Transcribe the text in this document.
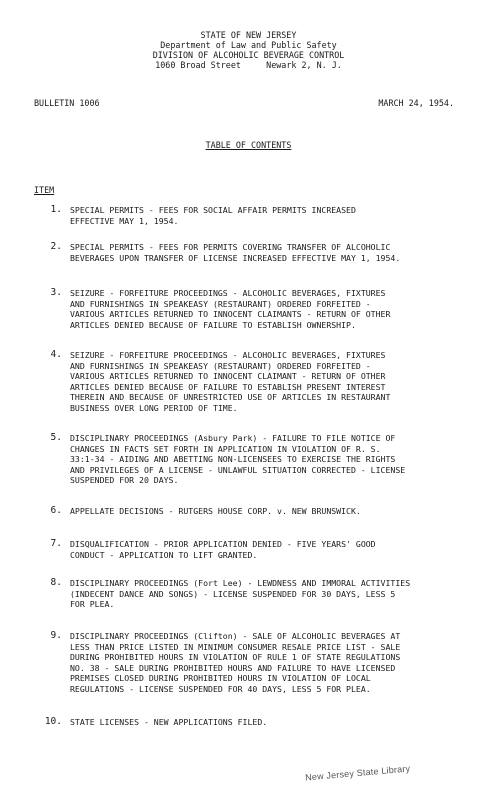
STATE OF NEW JERSEY
Department of Law and Public Safety
DIVISION OF ALCOHOLIC BEVERAGE CONTROL
1060 Broad Street     Newark 2, N. J.
BULLETIN 1006	MARCH 24, 1954.
TABLE OF CONTENTS
ITEM
1. SPECIAL PERMITS - FEES FOR SOCIAL AFFAIR PERMITS INCREASED
EFFECTIVE MAY 1, 1954.
2. SPECIAL PERMITS - FEES FOR PERMITS COVERING TRANSFER OF ALCOHOLIC
BEVERAGES UPON TRANSFER OF LICENSE INCREASED EFFECTIVE MAY 1, 1954.
3. SEIZURE - FORFEITURE PROCEEDINGS - ALCOHOLIC BEVERAGES, FIXTURES
AND FURNISHINGS IN SPEAKEASY (RESTAURANT) ORDERED FORFEITED -
VARIOUS ARTICLES RETURNED TO INNOCENT CLAIMANTS - RETURN OF OTHER
ARTICLES DENIED BECAUSE OF FAILURE TO ESTABLISH OWNERSHIP.
4. SEIZURE - FORFEITURE PROCEEDINGS - ALCOHOLIC BEVERAGES, FIXTURES
AND FURNISHINGS IN SPEAKEASY (RESTAURANT) ORDERED FORFEITED -
VARIOUS ARTICLES RETURNED TO INNOCENT CLAIMANT - RETURN OF OTHER
ARTICLES DENIED BECAUSE OF FAILURE TO ESTABLISH PRESENT INTEREST
THEREIN AND BECAUSE OF UNRESTRICTED USE OF ARTICLES IN RESTAURANT
BUSINESS OVER LONG PERIOD OF TIME.
5. DISCIPLINARY PROCEEDINGS (Asbury Park) - FAILURE TO FILE NOTICE OF
CHANGES IN FACTS SET FORTH IN APPLICATION IN VIOLATION OF R. S.
33:1-34 - AIDING AND ABETTING NON-LICENSEES TO EXERCISE THE RIGHTS
AND PRIVILEGES OF A LICENSE - UNLAWFUL SITUATION CORRECTED - LICENSE
SUSPENDED FOR 20 DAYS.
6. APPELLATE DECISIONS - RUTGERS HOUSE CORP. v. NEW BRUNSWICK.
7. DISQUALIFICATION - PRIOR APPLICATION DENIED - FIVE YEARS' GOOD
CONDUCT - APPLICATION TO LIFT GRANTED.
8. DISCIPLINARY PROCEEDINGS (Fort Lee) - LEWDNESS AND IMMORAL ACTIVITIES
(INDECENT DANCE AND SONGS) - LICENSE SUSPENDED FOR 30 DAYS, LESS 5
FOR PLEA.
9. DISCIPLINARY PROCEEDINGS (Clifton) - SALE OF ALCOHOLIC BEVERAGES AT
LESS THAN PRICE LISTED IN MINIMUM CONSUMER RESALE PRICE LIST - SALE
DURING PROHIBITED HOURS IN VIOLATION OF RULE 1 OF STATE REGULATIONS
NO. 38 - SALE DURING PROHIBITED HOURS AND FAILURE TO HAVE LICENSED
PREMISES CLOSED DURING PROHIBITED HOURS IN VIOLATION OF LOCAL
REGULATIONS - LICENSE SUSPENDED FOR 40 DAYS, LESS 5 FOR PLEA.
10. STATE LICENSES - NEW APPLICATIONS FILED.
New Jersey State Library
